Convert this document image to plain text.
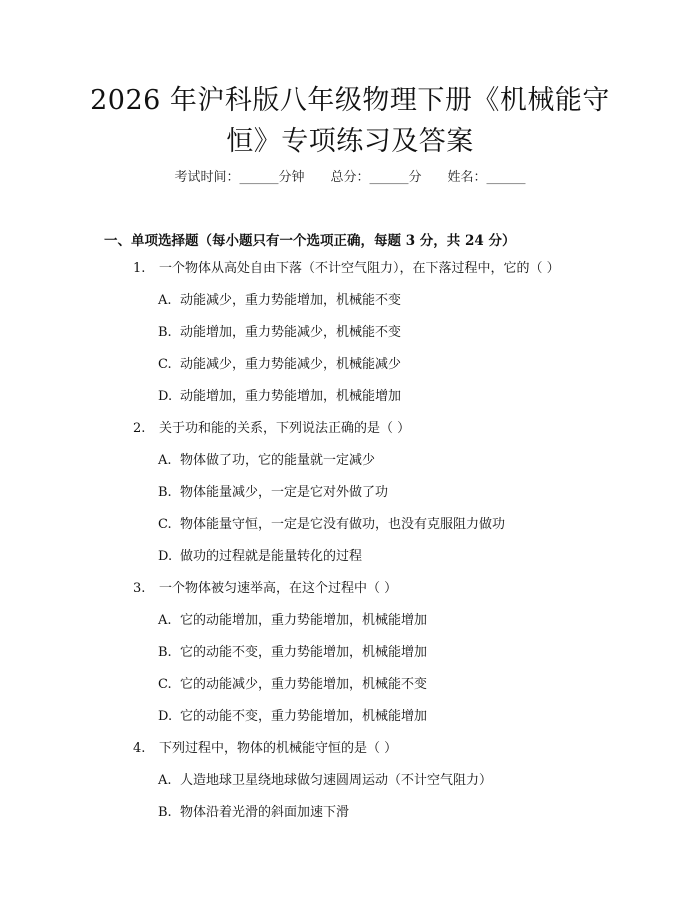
2026 年沪科版八年级物理下册《机械能守
恒》专项练习及答案
考试时间：______分钟 总分：______分 姓名：______
一、单项选择题（每小题只有一个选项正确，每题 3 分，共 24 分）
1. 一个物体从高处自由下落（不计空气阻力），在下落过程中，它的（ ）
A. 动能减少，重力势能增加，机械能不变
B. 动能增加，重力势能减少，机械能不变
C. 动能减少，重力势能减少，机械能减少
D. 动能增加，重力势能增加，机械能增加
2. 关于功和能的关系，下列说法正确的是（ ）
A. 物体做了功，它的能量就一定减少
B. 物体能量减少，一定是它对外做了功
C. 物体能量守恒，一定是它没有做功，也没有克服阻力做功
D. 做功的过程就是能量转化的过程
3. 一个物体被匀速举高，在这个过程中（ ）
A. 它的动能增加，重力势能增加，机械能增加
B. 它的动能不变，重力势能增加，机械能增加
C. 它的动能减少，重力势能增加，机械能不变
D. 它的动能不变，重力势能增加，机械能增加
4. 下列过程中，物体的机械能守恒的是（ ）
A. 人造地球卫星绕地球做匀速圆周运动（不计空气阻力）
B. 物体沿着光滑的斜面加速下滑
